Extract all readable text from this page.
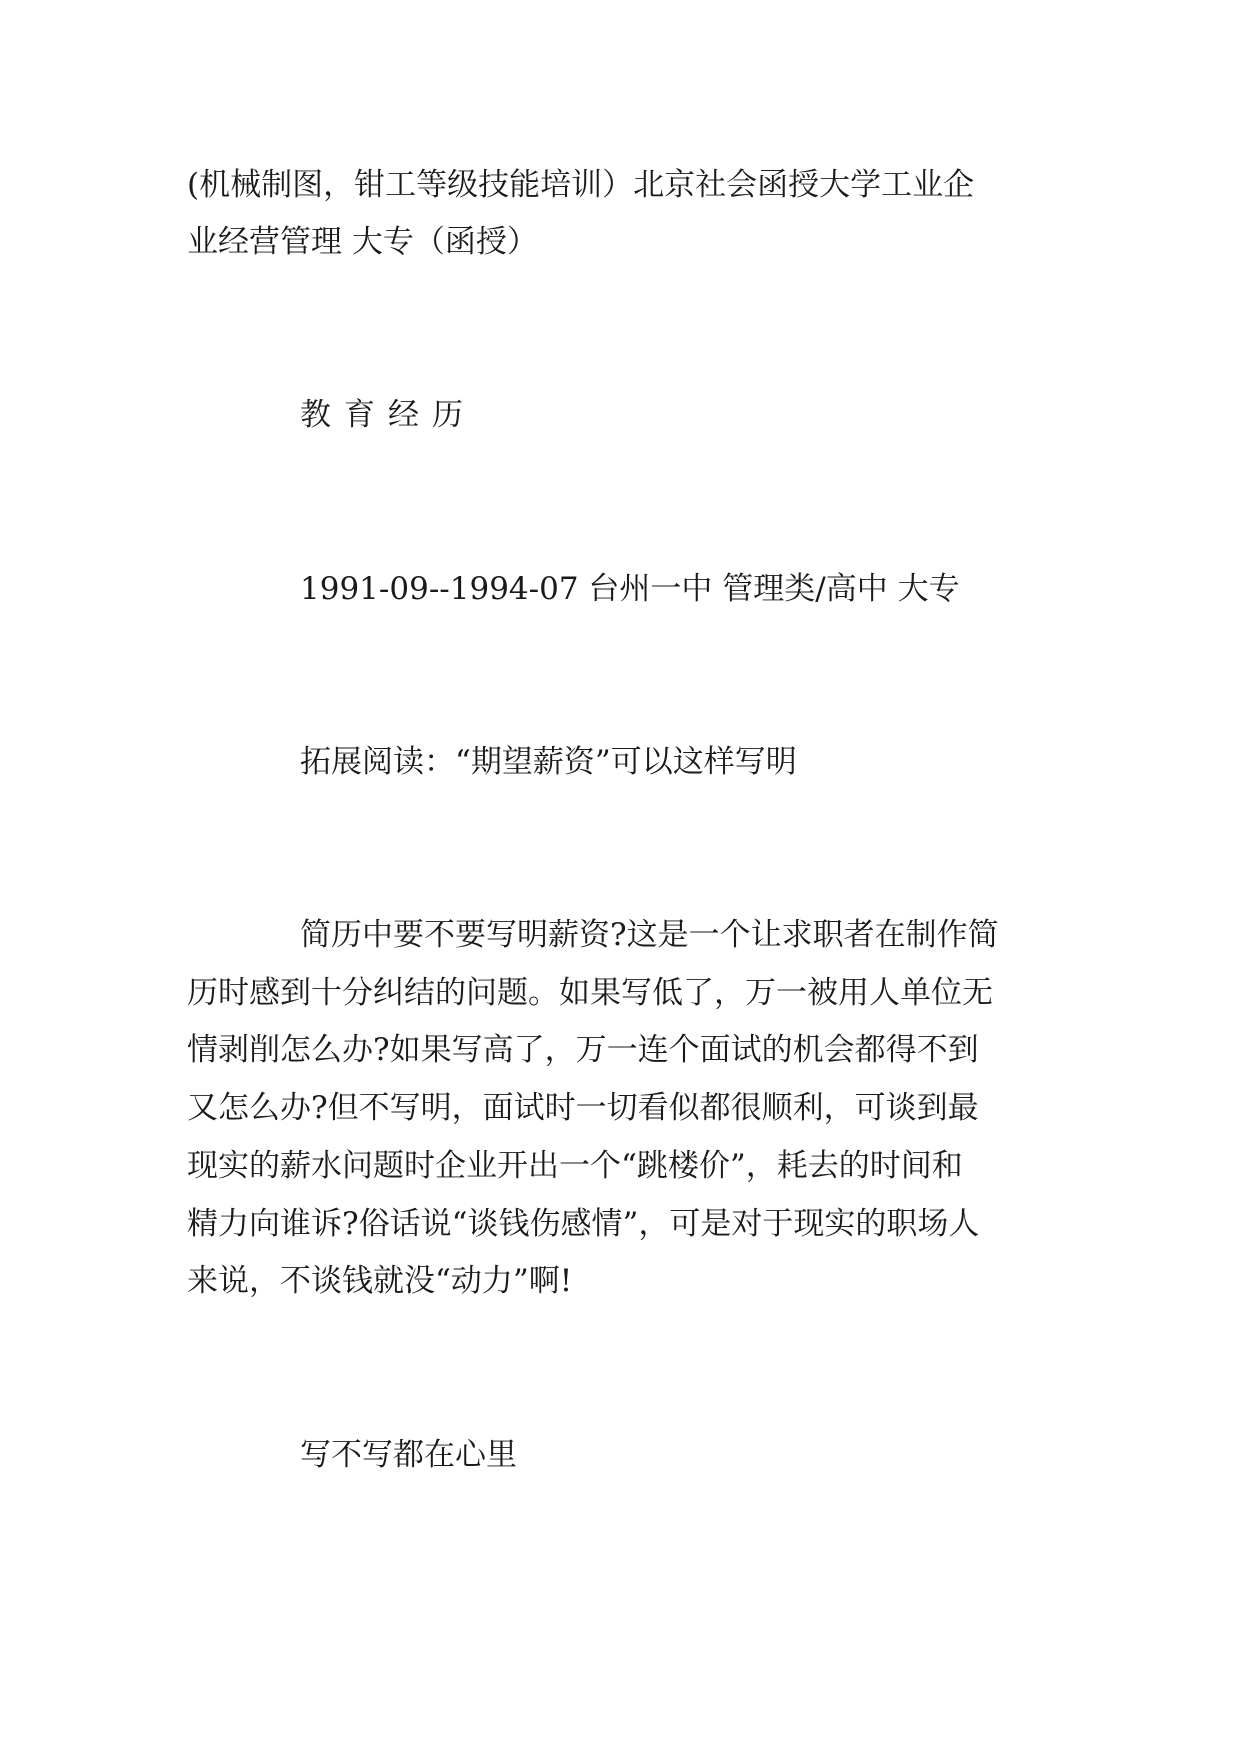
(机械制图，钳工等级技能培训）北京社会函授大学工业企
业经营管理 大专（函授）
教育经历
1991-09--1994-07 台州一中 管理类/高中 大专
拓展阅读：“期望薪资”可以这样写明
简历中要不要写明薪资?这是一个让求职者在制作简
历时感到十分纠结的问题。如果写低了，万一被用人单位无
情剥削怎么办?如果写高了，万一连个面试的机会都得不到
又怎么办?但不写明，面试时一切看似都很顺利，可谈到最
现实的薪水问题时企业开出一个“跳楼价”，耗去的时间和
精力向谁诉?俗话说“谈钱伤感情”，可是对于现实的职场人
来说，不谈钱就没“动力”啊!
写不写都在心里
